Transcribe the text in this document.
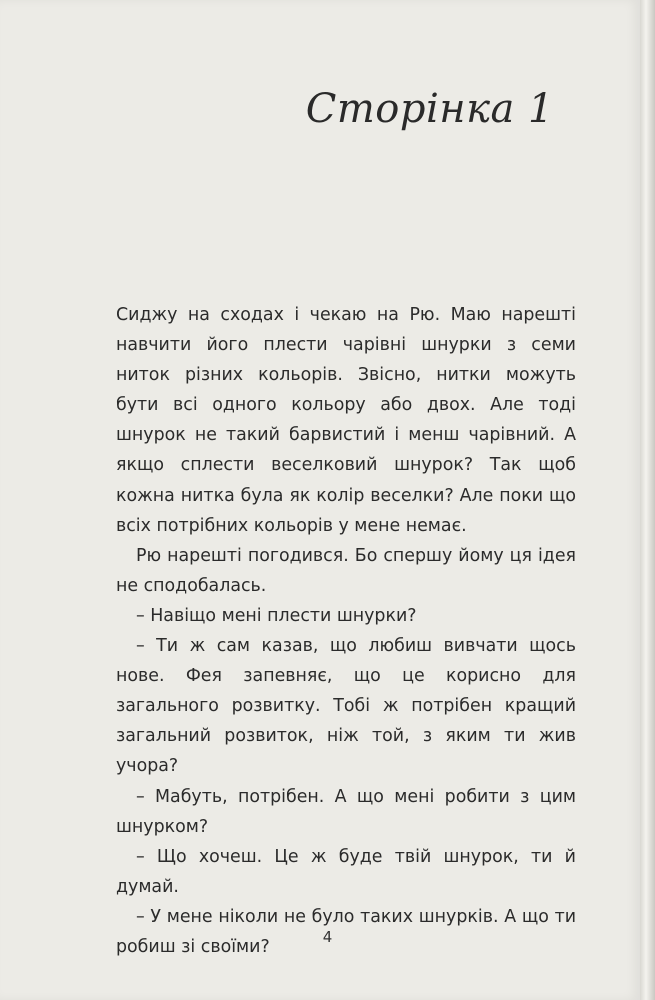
Сторінка 1

Сиджу на сходах і чекаю на Рю. Маю нарешті навчити його плести чарівні шнурки з семи ниток різних кольорів. Звісно, нитки можуть бути всі одного кольору або двох. Але тоді шнурок не такий барвистий і менш чарівний. А якщо сплести веселковий шнурок? Так щоб кожна нитка була як колір веселки? Але поки що всіх потрібних кольорів у мене немає.

Рю нарешті погодився. Бо спершу йому ця ідея не сподобалась.

– Навіщо мені плести шнурки?

– Ти ж сам казав, що любиш вивчати щось нове. Фея запевняє, що це корисно для загального розвитку. Тобі ж потрібен кращий загальний розвиток, ніж той, з яким ти жив учора?

– Мабуть, потрібен. А що мені робити з цим шнурком?

– Що хочеш. Це ж буде твій шнурок, ти й думай.

– У мене ніколи не було таких шнурків. А що ти робиш зі своїми?	4
